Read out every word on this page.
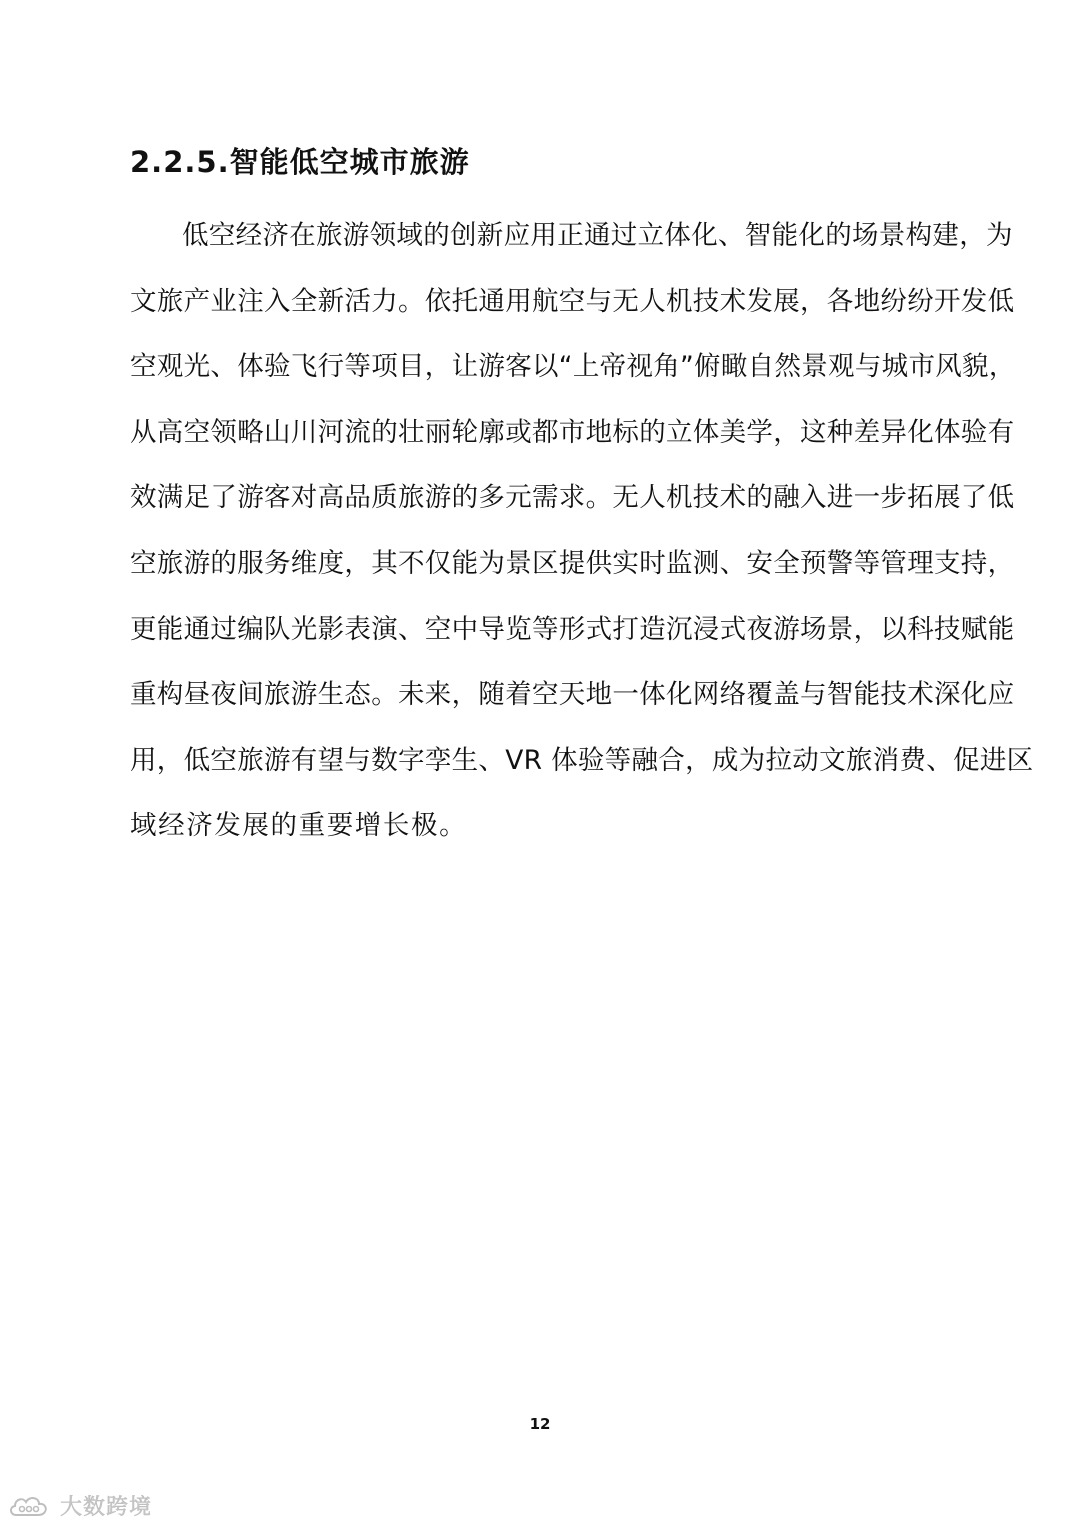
2.2.5.智能低空城市旅游
低空经济在旅游领域的创新应用正通过立体化、智能化的场景构建，为
文旅产业注入全新活力。依托通用航空与无人机技术发展，各地纷纷开发低
空观光、体验飞行等项目，让游客以“上帝视角”俯瞰自然景观与城市风貌，
从高空领略山川河流的壮丽轮廓或都市地标的立体美学，这种差异化体验有
效满足了游客对高品质旅游的多元需求。无人机技术的融入进一步拓展了低
空旅游的服务维度，其不仅能为景区提供实时监测、安全预警等管理支持，
更能通过编队光影表演、空中导览等形式打造沉浸式夜游场景，以科技赋能
重构昼夜间旅游生态。未来，随着空天地一体化网络覆盖与智能技术深化应
用，低空旅游有望与数字孪生、VR 体验等融合，成为拉动文旅消费、促进区
域经济发展的重要增长极。
12
大数跨境
